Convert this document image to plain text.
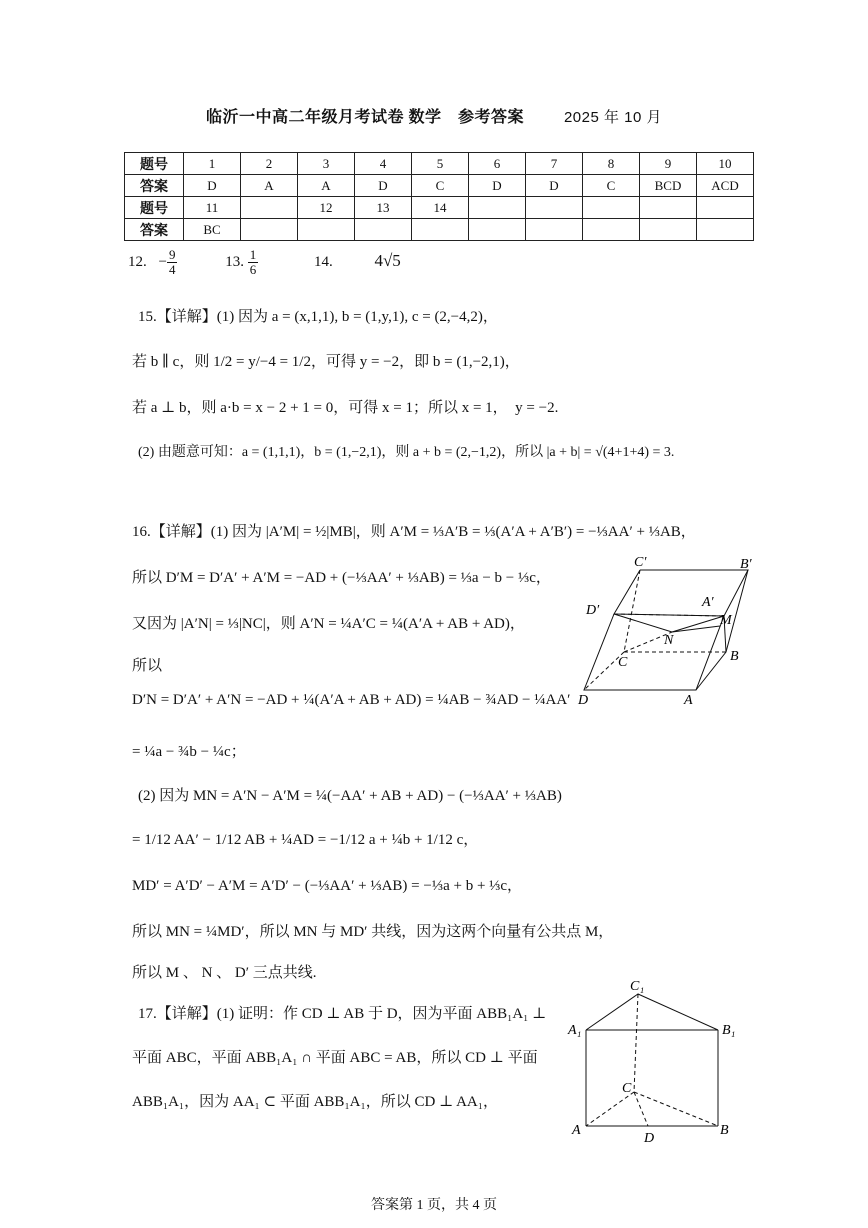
临沂一中高二年级月考试卷 数学　参考答案	2025 年 10 月
题号	1	2	3	4	5	6	7	8	9	10
答案	D	A	A	D	C	D	D	C	BCD	ACD
题号	11		12	13	14					
答案	BC									
12. − $\frac{9}{4}$	13. $\frac{1}{6}$	14. 4√5
15.【详解】(1) 因为 a = (x,1,1), b = (1,y,1), c = (2,−4,2)，
若 b ∥ c，则 1/2 = y/−4 = 1/2，可得 y = −2，即 b = (1,−2,1)，
若 a ⊥ b，则 a·b = x − 2 + 1 = 0，可得 x = 1；所以 x = 1，　y = −2.
(2) 由题意可知：a = (1,1,1)，b = (1,−2,1)，则 a + b = (2,−1,2)，所以 |a + b| = √(4+1+4) = 3.
16.【详解】(1) 因为 |A′M| = ½|MB|，则 A′M = ⅓A′B = ⅓(A′A + A′B′) = −⅓AA′ + ⅓AB，
所以 D′M = D′A′ + A′M = −AD + (−⅓AA′ + ⅓AB) = ⅓a − b − ⅓c，
又因为 |A′N| = ⅓|NC|，则 A′N = ¼A′C = ¼(A′A + AB + AD)，
所以
D′N = D′A′ + A′N = −AD + ¼(A′A + AB + AD) = ¼AB − ¾AD − ¼AA′
= ¼a − ¾b − ¼c；
(2) 因为 MN = A′N − A′M = ¼(−AA′ + AB + AD) − (−⅓AA′ + ⅓AB)
= 1/12 AA′ − 1/12 AB + ¼AD = −1/12 a + ¼b + 1/12 c，
MD′ = A′D′ − A′M = A′D′ − (−⅓AA′ + ⅓AB) = −⅓a + b + ⅓c，
所以 MN = ¼MD′，所以 MN 与 MD′ 共线，因为这两个向量有公共点 M，
所以 M 、 N 、 D′ 三点共线.
17.【详解】(1) 证明：作 CD ⊥ AB 于 D，因为平面 ABB₁A₁ ⊥
平面 ABC，平面 ABB₁A₁ ∩ 平面 ABC = AB，所以 CD ⊥ 平面
ABB₁A₁，因为 AA₁ ⊂ 平面 ABB₁A₁，所以 CD ⊥ AA₁，
C′	B′
D′
A′
M
N
C	B
D	A
C₁
A₁	B₁
C
A
D
B
答案第 1 页，共 4 页
